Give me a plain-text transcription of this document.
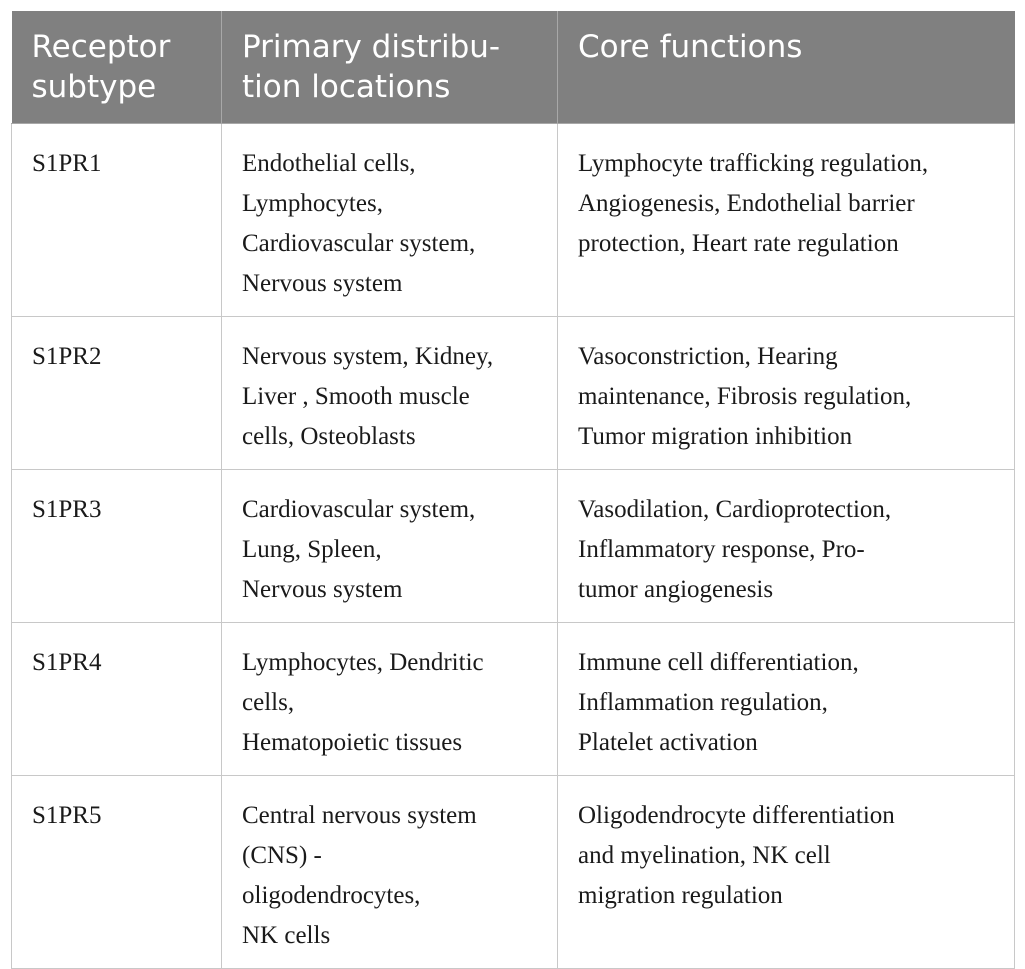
Receptor
subtype	Primary distribu-
tion locations	Core functions

S1PR1	Endothelial cells,
Lymphocytes,
Cardiovascular system,
Nervous system	Lymphocyte trafficking regulation,
Angiogenesis, Endothelial barrier
protection, Heart rate regulation

S1PR2	Nervous system, Kidney,
Liver , Smooth muscle
cells, Osteoblasts	Vasoconstriction, Hearing
maintenance, Fibrosis regulation,
Tumor migration inhibition

S1PR3	Cardiovascular system,
Lung, Spleen,
Nervous system	Vasodilation, Cardioprotection,
Inflammatory response, Pro-
tumor angiogenesis

S1PR4	Lymphocytes, Dendritic
cells,
Hematopoietic tissues	Immune cell differentiation,
Inflammation regulation,
Platelet activation

S1PR5	Central nervous system
(CNS) -
oligodendrocytes,
NK cells	Oligodendrocyte differentiation
and myelination, NK cell
migration regulation
